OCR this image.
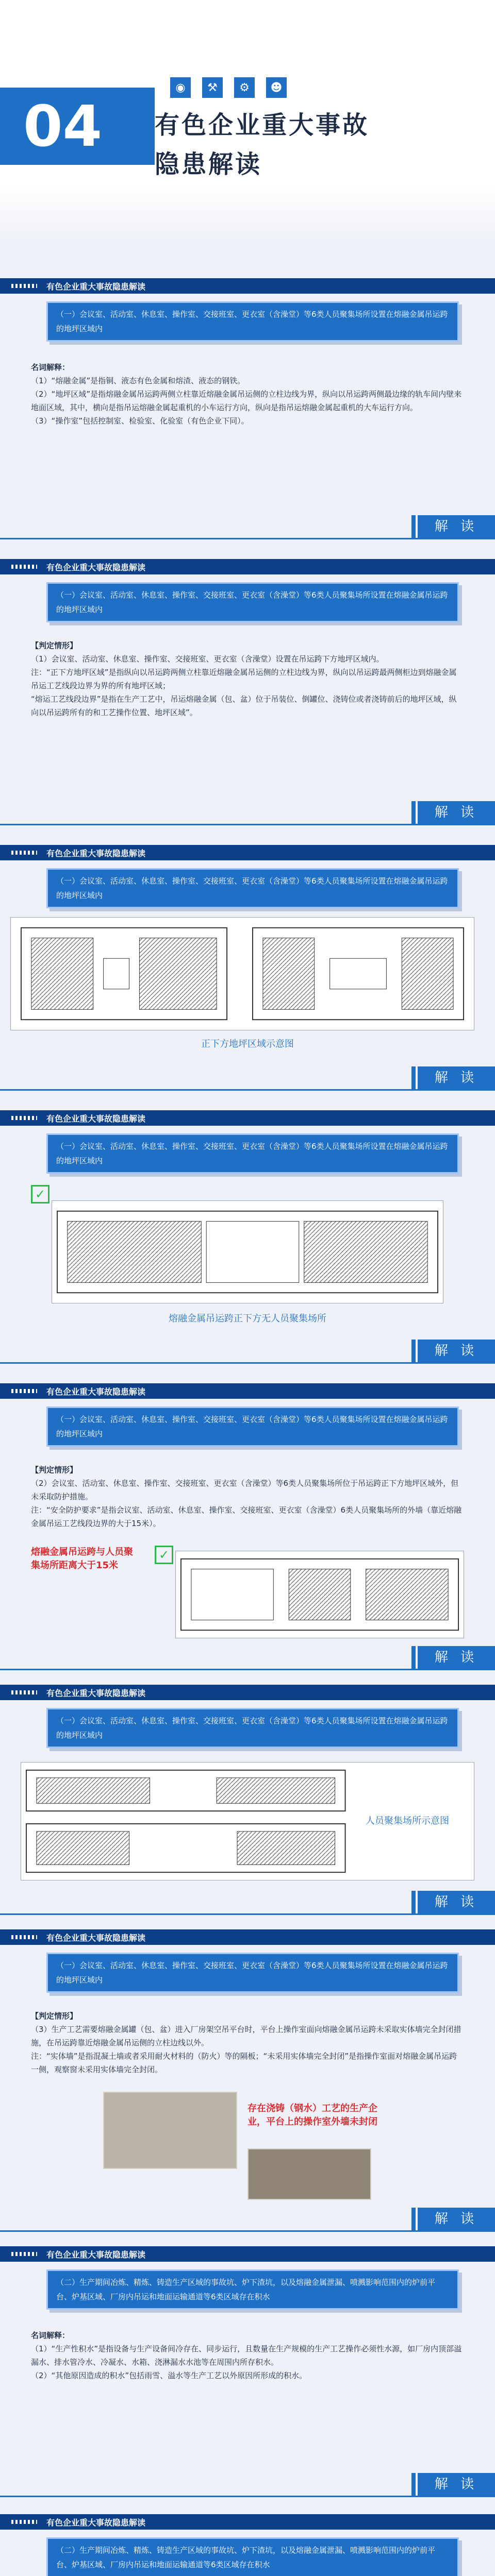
◉	⚒	⚙	☻
04 有色企业重大事故隐患解读
有色企业重大事故隐患解读
（一）会议室、活动室、休息室、操作室、交接班室、更衣室（含澡堂）等6类人员聚集场所设置在熔融金属吊运跨的地坪区域内
名词解释：
（1）“熔融金属”是指铜、液态有色金属和熔渣、液态的钢铁。
（2）“地坪区域”是指熔融金属吊运跨两侧立柱靠近熔融金属吊运侧的立柱边线为界，纵向以吊运跨两侧最边缘的轨车间内壁来地面区域，其中，横向是指吊运熔融金属起重机的小车运行方向，纵向是指吊运熔融金属起重机的大车运行方向。
（3）“操作室”包括控制室、检验室、化验室（有色企业下同）。
解 读
有色企业重大事故隐患解读
（一）会议室、活动室、休息室、操作室、交接班室、更衣室（含澡堂）等6类人员聚集场所设置在熔融金属吊运跨的地坪区域内
【判定情形】
（1）会议室、活动室、休息室、操作室、交接班室、更衣室（含澡堂）设置在吊运跨下方地坪区域内。
注：“正下方地坪区域”是指纵向以吊运跨两侧立柱靠近熔融金属吊运侧的立柱边线为界，纵向以吊运跨最两侧柜边到熔融金属吊运工艺线段边界为界的所有地坪区域；
“熔运工艺线段边界”是指在生产工艺中，吊运熔融金属（包、盆）位于吊装位、倒罐位、浇铸位或者浇铸前后的地坪区域，纵向以吊运跨所有的和工艺操作位置、地坪区域”。
解 读
有色企业重大事故隐患解读
（一）会议室、活动室、休息室、操作室、交接班室、更衣室（含澡堂）等6类人员聚集场所设置在熔融金属吊运跨的地坪区域内
正下方地坪区域示意图
解 读
有色企业重大事故隐患解读
（一）会议室、活动室、休息室、操作室、交接班室、更衣室（含澡堂）等6类人员聚集场所设置在熔融金属吊运跨的地坪区域内
✓
熔融金属吊运跨正下方无人员聚集场所
解 读
有色企业重大事故隐患解读
（一）会议室、活动室、休息室、操作室、交接班室、更衣室（含澡堂）等6类人员聚集场所设置在熔融金属吊运跨的地坪区域内
【判定情形】
（2）会议室、活动室、休息室、操作室、交接班室、更衣室（含澡堂）等6类人员聚集场所位于吊运跨正下方地坪区域外，但未采取防护措施。
注：“安全防护要求”是指会议室、活动室、休息室、操作室、交接班室、更衣室（含澡堂）6类人员聚集场所的外墙（靠近熔融金属吊运工艺线段边界的大于15米）。
熔融金属吊运跨与人员聚集场所距离大于15米
✓
解 读
有色企业重大事故隐患解读
（一）会议室、活动室、休息室、操作室、交接班室、更衣室（含澡堂）等6类人员聚集场所设置在熔融金属吊运跨的地坪区域内
人员聚集场所示意图
解 读
有色企业重大事故隐患解读
（一）会议室、活动室、休息室、操作室、交接班室、更衣室（含澡堂）等6类人员聚集场所设置在熔融金属吊运跨的地坪区域内
【判定情形】
（3）生产工艺需要熔融金属罐（包、盆）进入厂房架空吊平台时，平台上操作室面向熔融金属吊运跨未采取实体墙完全封闭措施，在吊运跨靠近熔融金属吊运侧的立柱边线以外。
注：“实体墙”是指混凝土墙或者采用耐火材料的（防火）等的隔板；“未采用实体墙完全封闭”是指操作室面对熔融金属吊运跨一侧，观察窗未采用实体墙完全封闭。
存在浇铸（钢水）工艺的生产企业，平台上的操作室外墙未封闭
解 读
有色企业重大事故隐患解读
（二）生产期间冶炼、精炼、铸造生产区域的事故坑、炉下渣坑，以及熔融金属泄漏、喷溅影响范围内的炉前平台、炉基区域、厂房内吊运和地面运输通道等6类区域存在积水
名词解释：
（1）“生产性积水”是指设备与生产设备间冷存在、同步运行，且数量在生产规模的生产工艺操作必须性水源，如厂房内顶部溢漏水、排水管冷水、冷凝水、水箱、浇淋漏水水池等在周围内所存积水。
（2）“其他原因造成的积水”包括雨雪、溢水等生产工艺以外原因所形成的积水。
解 读
有色企业重大事故隐患解读
（二）生产期间冶炼、精炼、铸造生产区域的事故坑、炉下渣坑，以及熔融金属泄漏、喷溅影响范围内的炉前平台、炉基区域、厂房内吊运和地面运输通道等6类区域存在积水
